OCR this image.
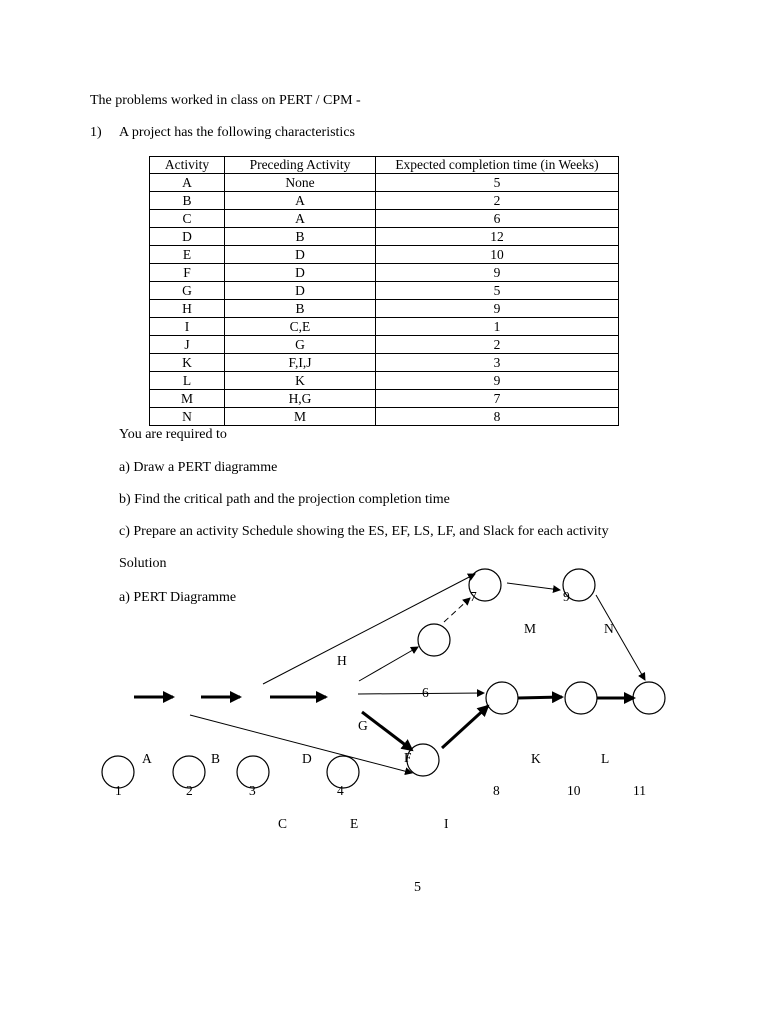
The problems worked in class on PERT / CPM -
1) A project has the following characteristics
Activity	Preceding Activity	Expected completion time (in Weeks)
A	None	5
B	A	2
C	A	6
D	B	12
E	D	10
F	D	9
G	D	5
H	B	9
I	C,E	1
J	G	2
K	F,I,J	3
L	K	9
M	H,G	7
N	M	8
You are required to
a) Draw a PERT diagramme
b) Find the critical path and the projection completion time
c) Prepare an activity Schedule showing the ES, EF, LS, LF, and Slack for each activity
Solution
a) PERT Diagramme
1	2	3	4
7	9
8	10	11
A	B	D
C	E
H
G
F
I
M	N
K	L
6
5
